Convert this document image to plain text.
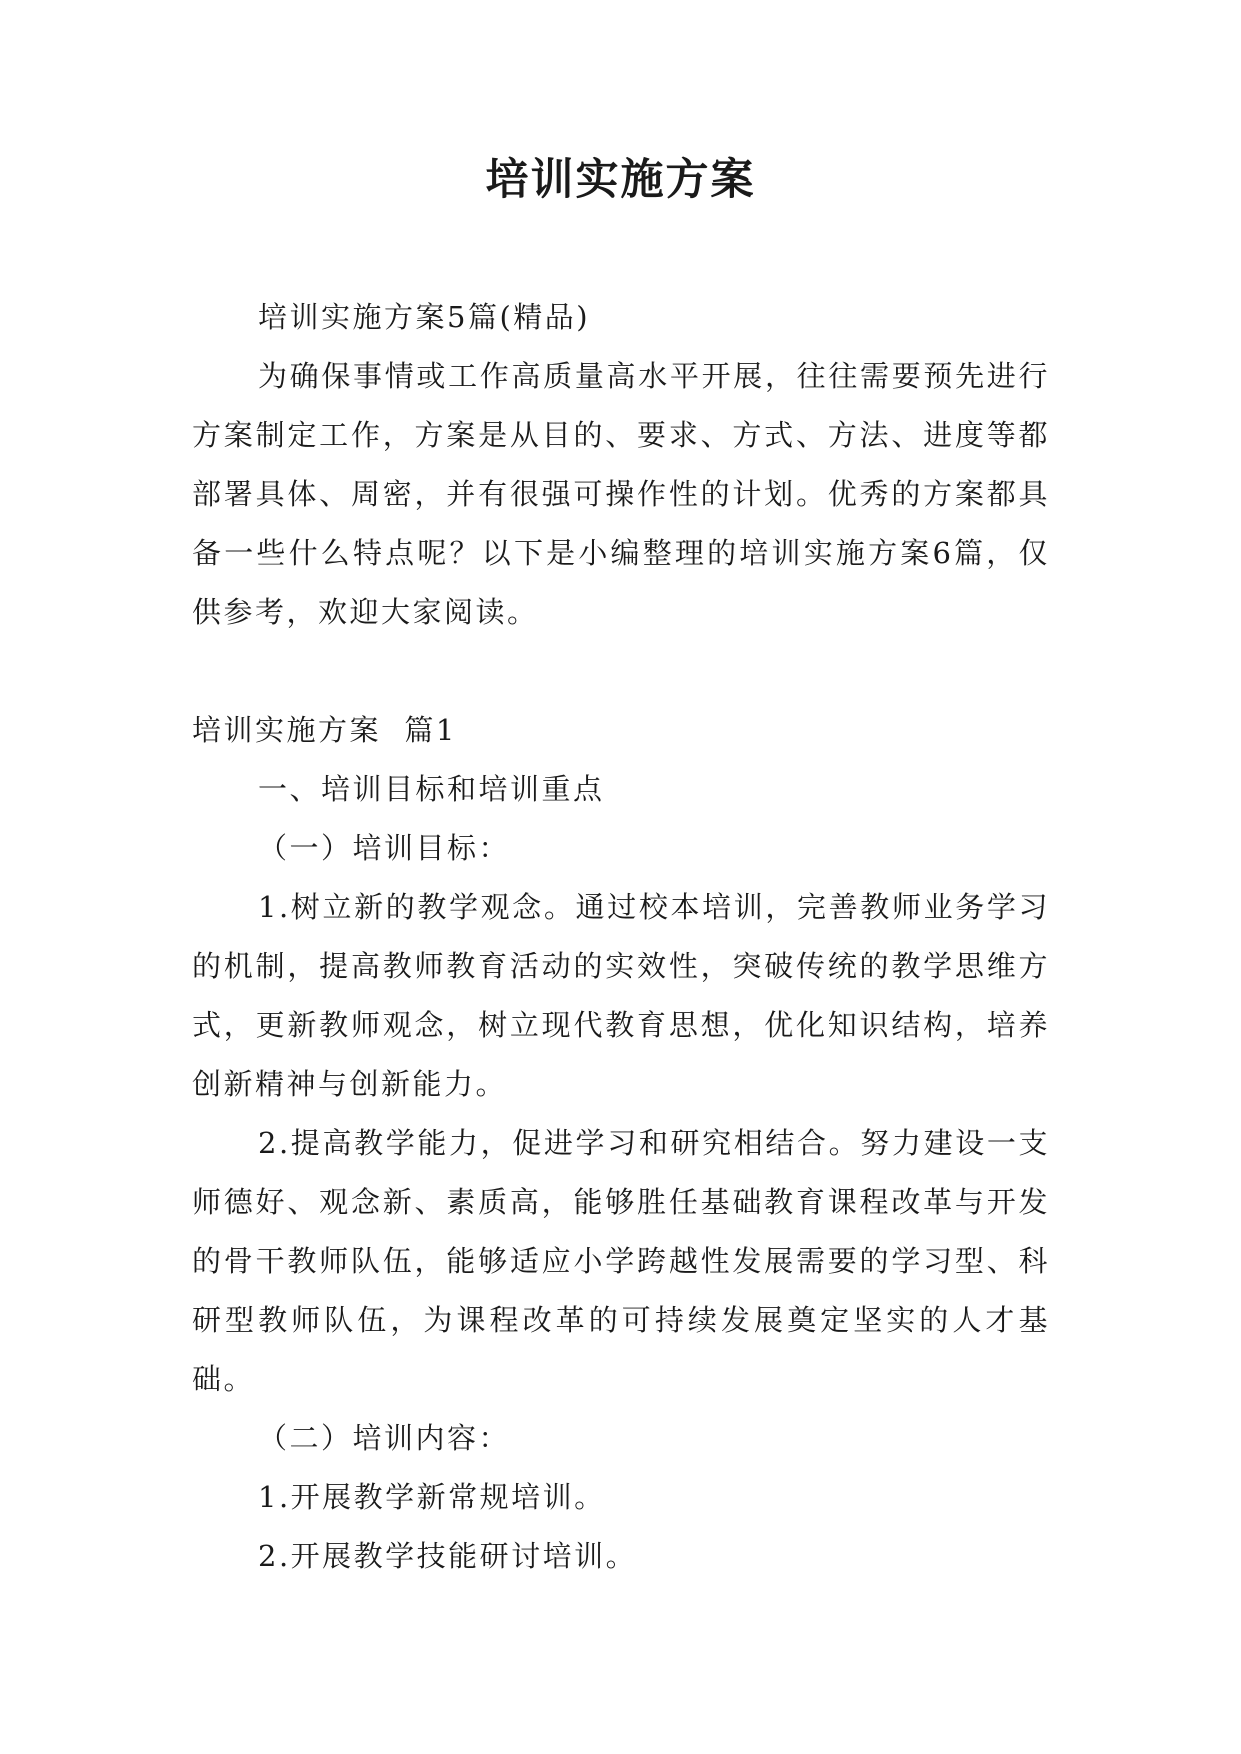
培训实施方案

培训实施方案5篇(精品)

为确保事情或工作高质量高水平开展，往往需要预先进行方案制定工作，方案是从目的、要求、方式、方法、进度等都部署具体、周密，并有很强可操作性的计划。优秀的方案都具备一些什么特点呢？以下是小编整理的培训实施方案6篇，仅供参考，欢迎大家阅读。

培训实施方案  篇1

一、培训目标和培训重点

（一）培训目标：

1.树立新的教学观念。通过校本培训，完善教师业务学习的机制，提高教师教育活动的实效性，突破传统的教学思维方式，更新教师观念，树立现代教育思想，优化知识结构，培养创新精神与创新能力。

2.提高教学能力，促进学习和研究相结合。努力建设一支师德好、观念新、素质高，能够胜任基础教育课程改革与开发的骨干教师队伍，能够适应小学跨越性发展需要的学习型、科研型教师队伍，为课程改革的可持续发展奠定坚实的人才基础。

（二）培训内容：

1.开展教学新常规培训。

2.开展教学技能研讨培训。
